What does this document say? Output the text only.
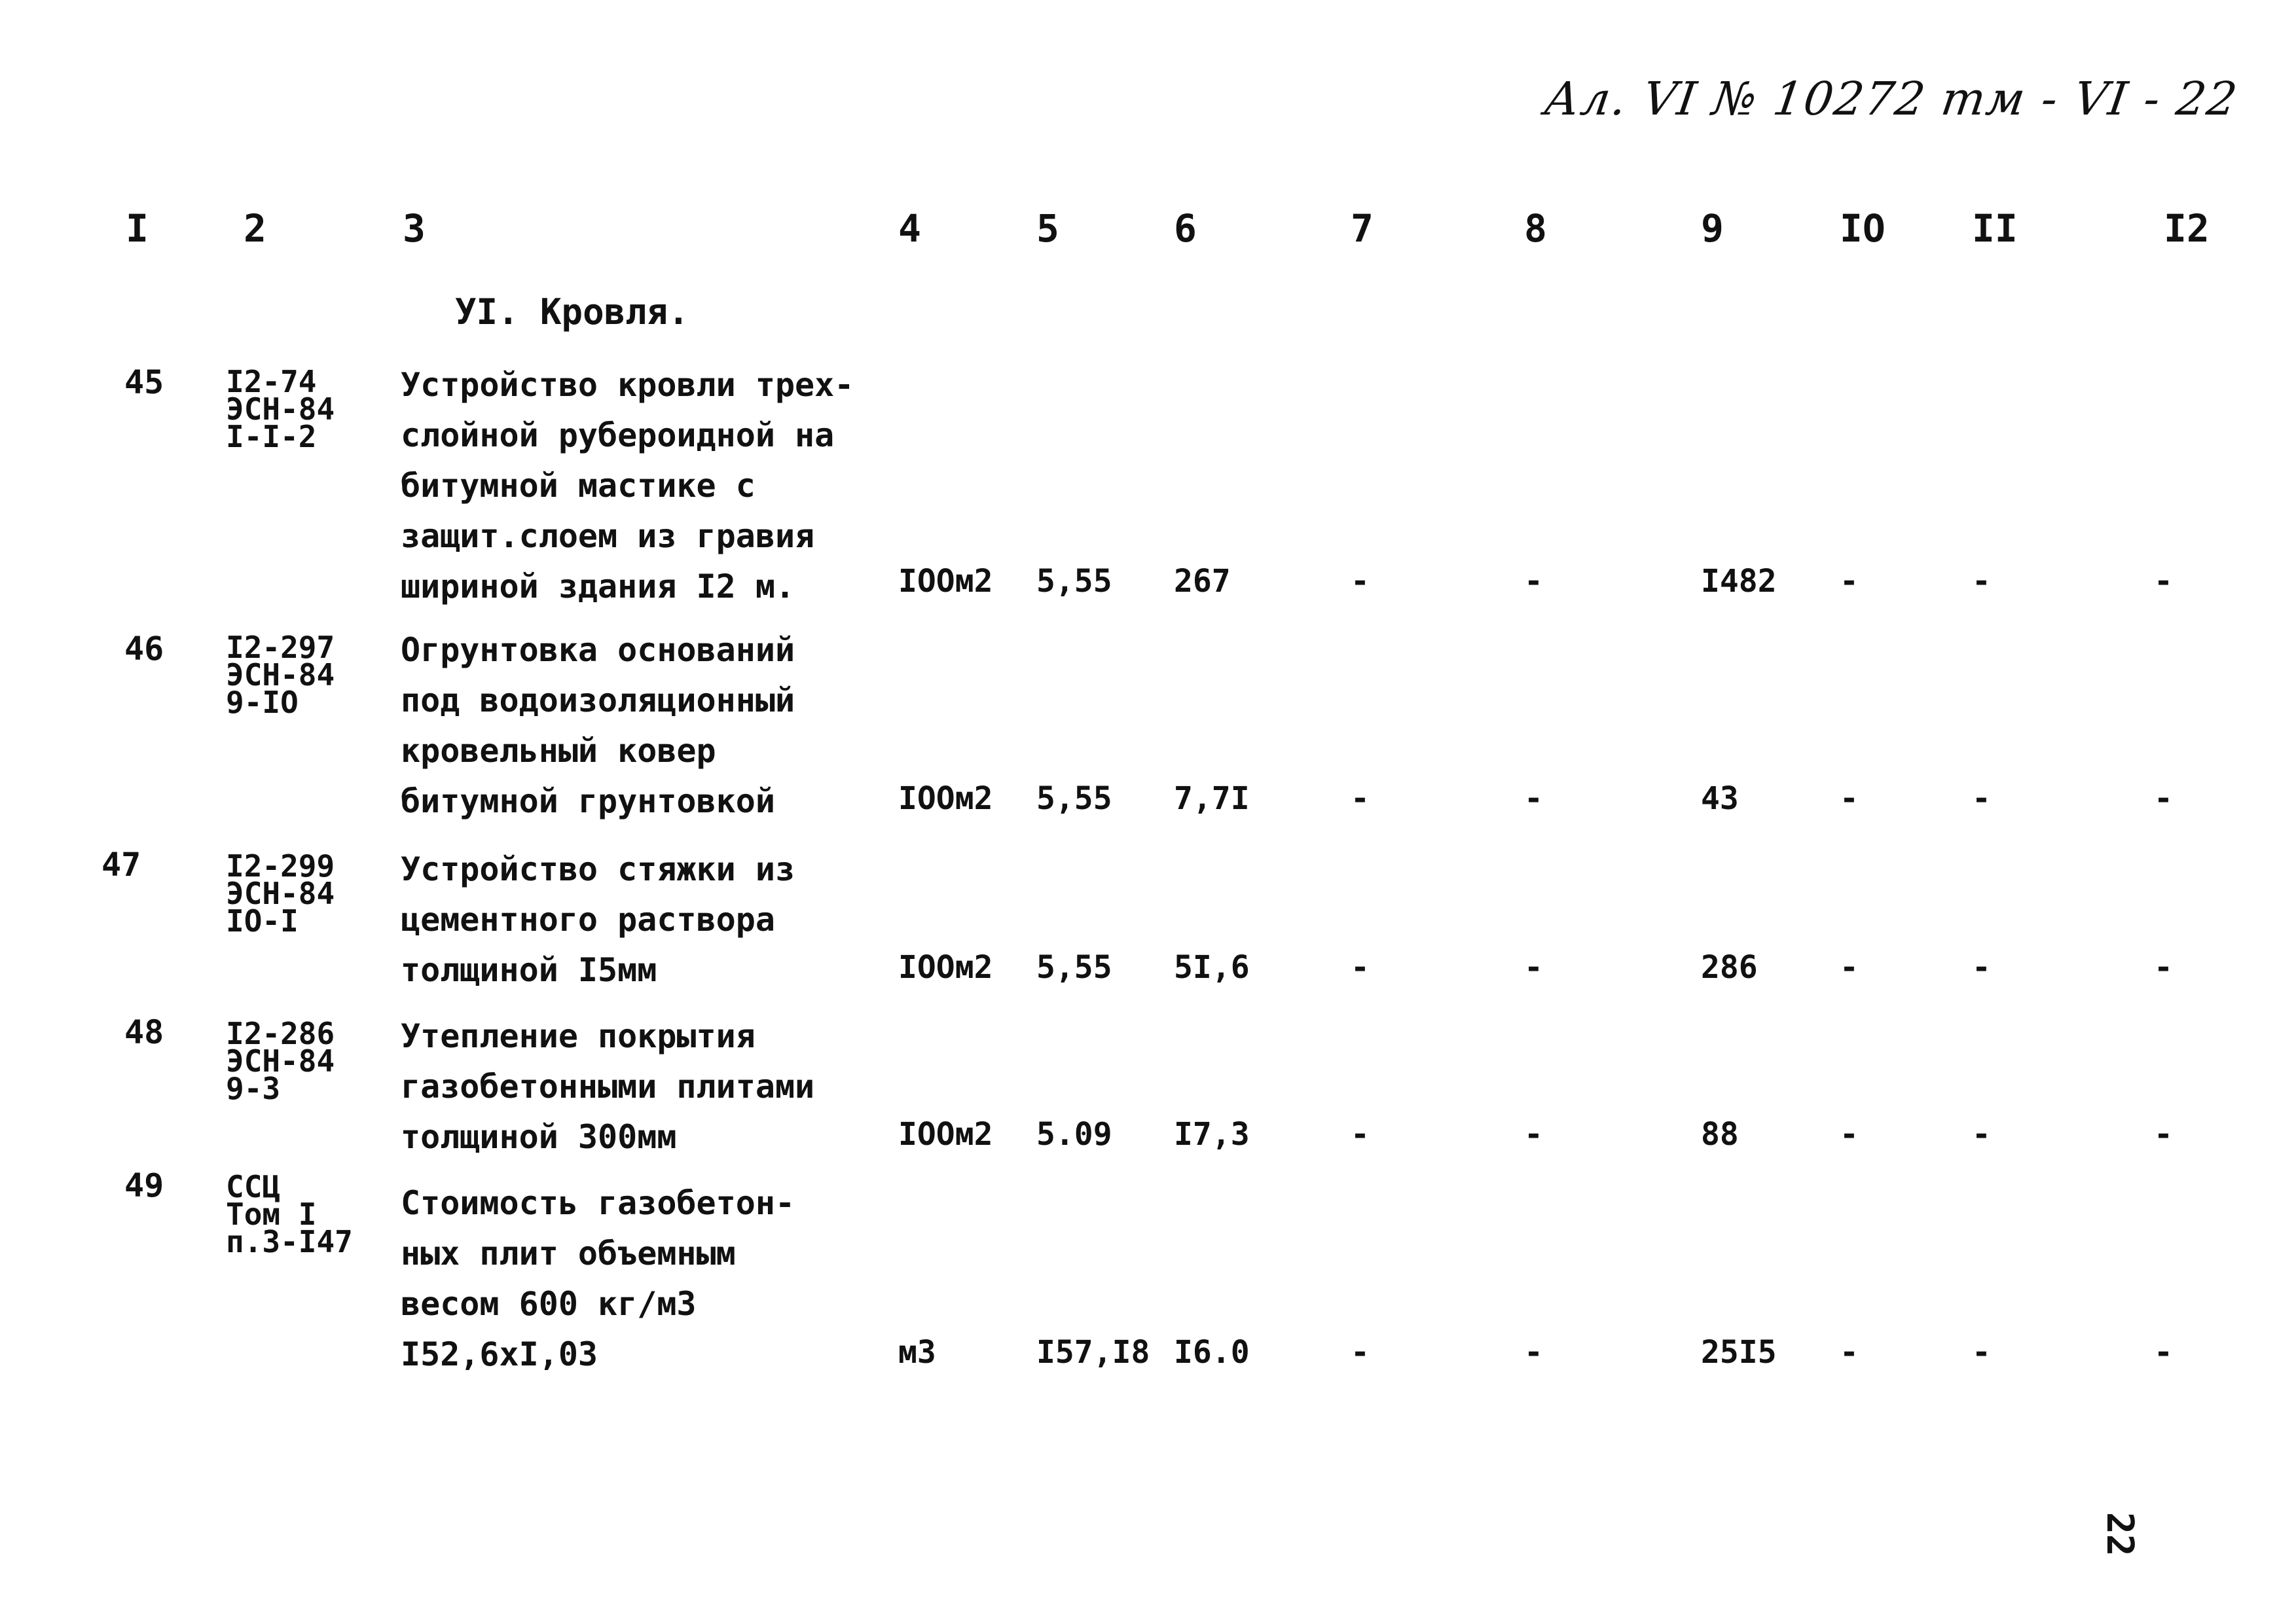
Ал. VI № 10272 тм - VI - 22
I	2	3	4	5	6	7	8	9	IO II	I2
УI. Кровля.
45 I2-74
ЭСН-84
I-I-2
Устройство кровли трех-
слойной рубероидной на
битумной мастике с
защит.слоем из гравия
шириной здания I2 м.	IOOм2 5,55 267	-	-	I482 -	-	-
46 I2-297
ЭСН-84
9-IO
Огрунтовка оснований
под водоизоляционный
кровельный ковер
битумной грунтовкой	IOOм2 5,55 7,7I	-	-	43	-	-	-
47	I2-299
ЭСН-84
IO-I
Устройство стяжки из
цементного раствора
толщиной I5мм	IOOм2 5,55 5I,6	-	-	286	-	-	-
48 I2-286
ЭСН-84
9-3
Утепление покрытия
газобетонными плитами
толщиной 300мм	IOOм2 5.09 I7,3	-	-	88	-	-	-
49 ССЦ
Том I
п.3-I47
Стоимость газобетон-
ных плит объемным
весом 600 кг/м3
I52,6хI,03	м3	I57,I8 I6.0	-	-	25I5 -	-	-
22
